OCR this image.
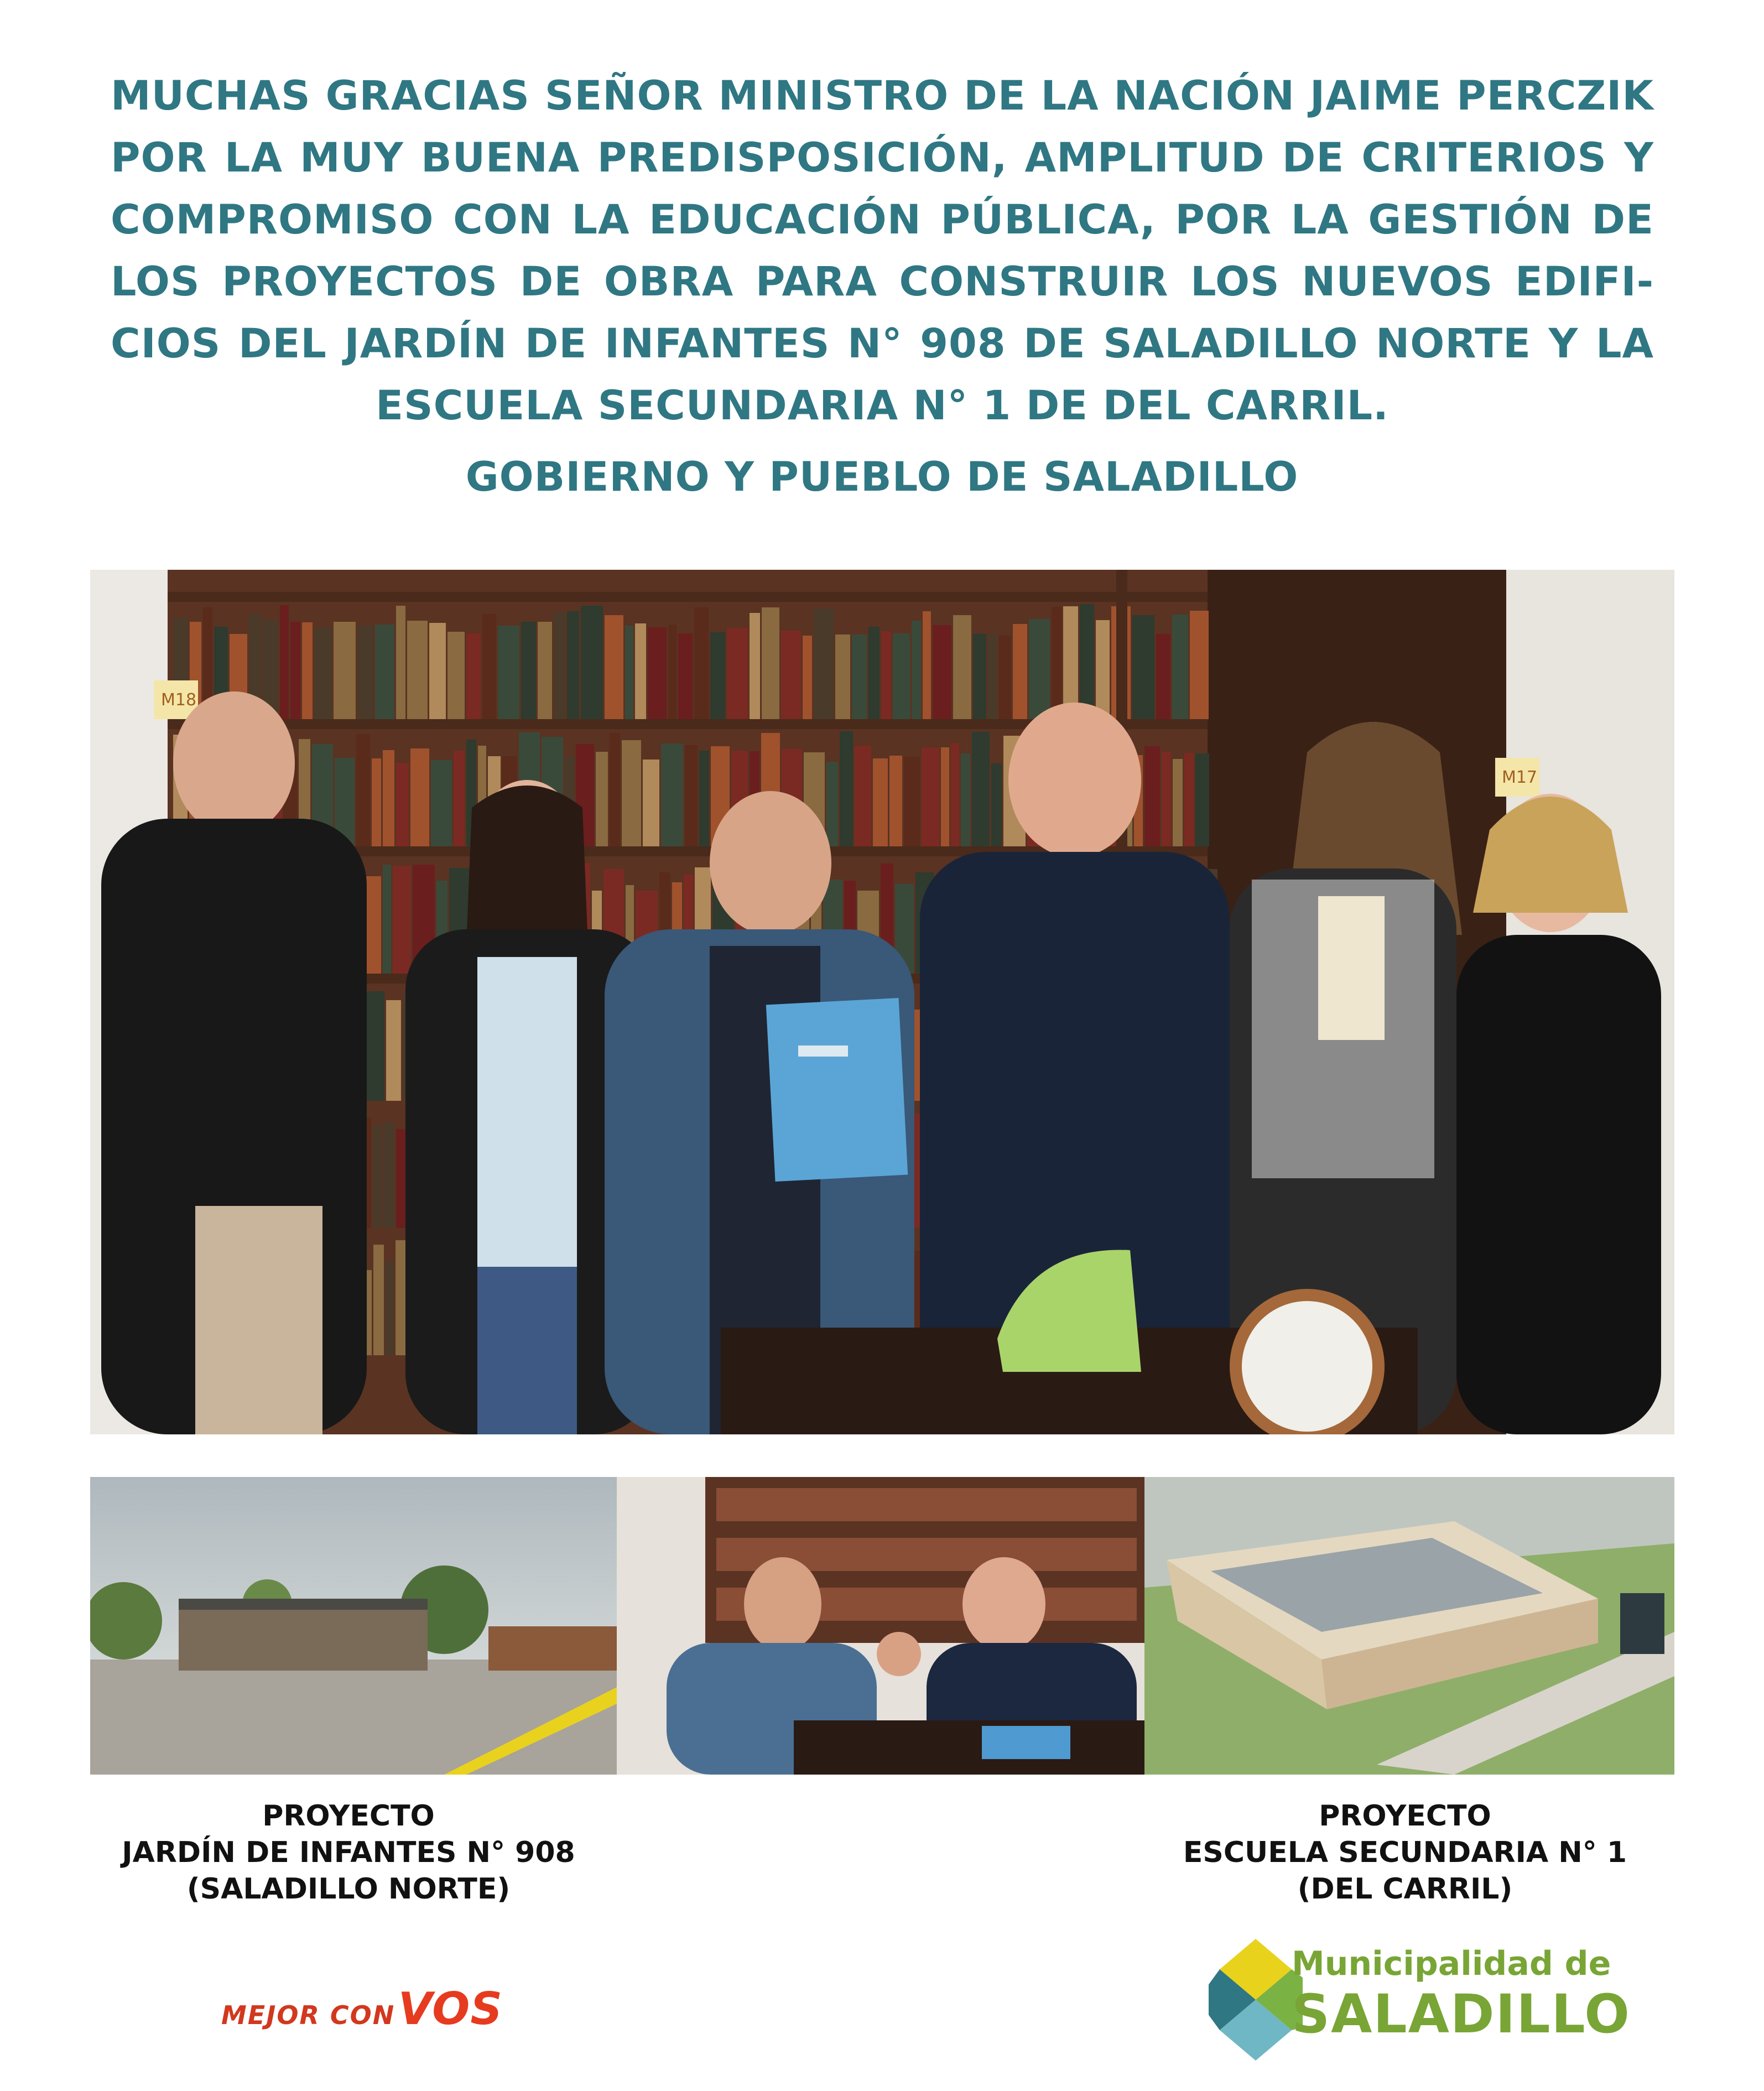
MUCHAS GRACIAS SEÑOR MINISTRO DE LA NACIÓN JAIME PERCZIK
POR LA MUY BUENA PREDISPOSICIÓN, AMPLITUD DE CRITERIOS Y
COMPROMISO CON LA EDUCACIÓN PÚBLICA, POR LA GESTIÓN DE
LOS PROYECTOS DE OBRA PARA CONSTRUIR LOS NUEVOS EDIFI-
CIOS DEL JARDÍN DE INFANTES N° 908 DE SALADILLO NORTE Y LA
ESCUELA SECUNDARIA N° 1 DE DEL CARRIL.

GOBIERNO Y PUEBLO DE SALADILLO

M18
M17

PROYECTO
JARDÍN DE INFANTES N° 908
(SALADILLO NORTE)

PROYECTO
ESCUELA SECUNDARIA N° 1
(DEL CARRIL)

MEJOR CON VOS
Municipalidad de
SALADILLO
